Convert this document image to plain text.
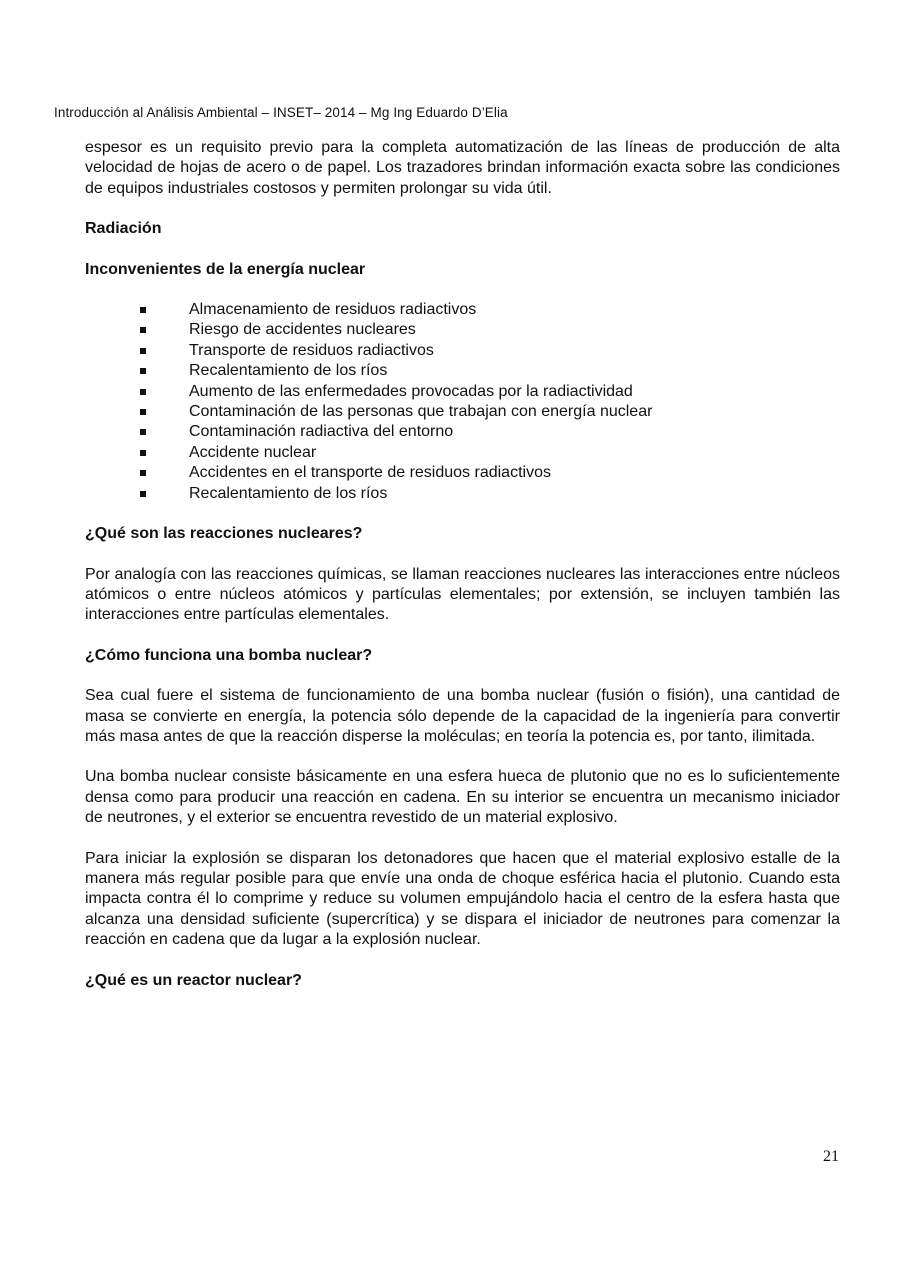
Introducción al Análisis Ambiental – INSET– 2014 – Mg Ing Eduardo D’Elia

espesor es un requisito previo para la completa automatización de las líneas de producción de alta velocidad de hojas de acero o de papel. Los trazadores brindan información exacta sobre las condiciones de equipos industriales costosos y permiten prolongar su vida útil.

Radiación
Inconvenientes de la energía nuclear
Almacenamiento de residuos radiactivos
Riesgo de accidentes nucleares
Transporte de residuos radiactivos
Recalentamiento de los ríos
Aumento de las enfermedades provocadas por la radiactividad
Contaminación de las personas que trabajan con energía nuclear
Contaminación radiactiva del entorno
Accidente nuclear
Accidentes en el transporte de residuos radiactivos
Recalentamiento de los ríos
¿Qué son las reacciones nucleares?

Por analogía con las reacciones químicas, se llaman reacciones nucleares las interacciones entre núcleos atómicos o entre núcleos atómicos y partículas elementales; por extensión, se incluyen también las interacciones entre partículas elementales.

¿Cómo funciona una bomba nuclear?

Sea cual fuere el sistema de funcionamiento de una bomba nuclear (fusión o fisión), una cantidad de masa se convierte en energía, la potencia sólo depende de la capacidad de la ingeniería para convertir más masa antes de que la reacción disperse la moléculas; en teoría la potencia es, por tanto, ilimitada.

Una bomba nuclear consiste básicamente en una esfera hueca de plutonio que no es lo suficientemente densa como para producir una reacción en cadena. En su interior se encuentra un mecanismo iniciador de neutrones, y el exterior se encuentra revestido de un material explosivo.

Para iniciar la explosión se disparan los detonadores que hacen que el material explosivo estalle de la manera más regular posible para que envíe una onda de choque esférica hacia el plutonio. Cuando esta impacta contra él lo comprime y reduce su volumen empujándolo hacia el centro de la esfera hasta que alcanza una densidad suficiente (supercrítica) y se dispara el iniciador de neutrones para comenzar la reacción en cadena que da lugar a la explosión nuclear.

¿Qué es un reactor nuclear?
21
